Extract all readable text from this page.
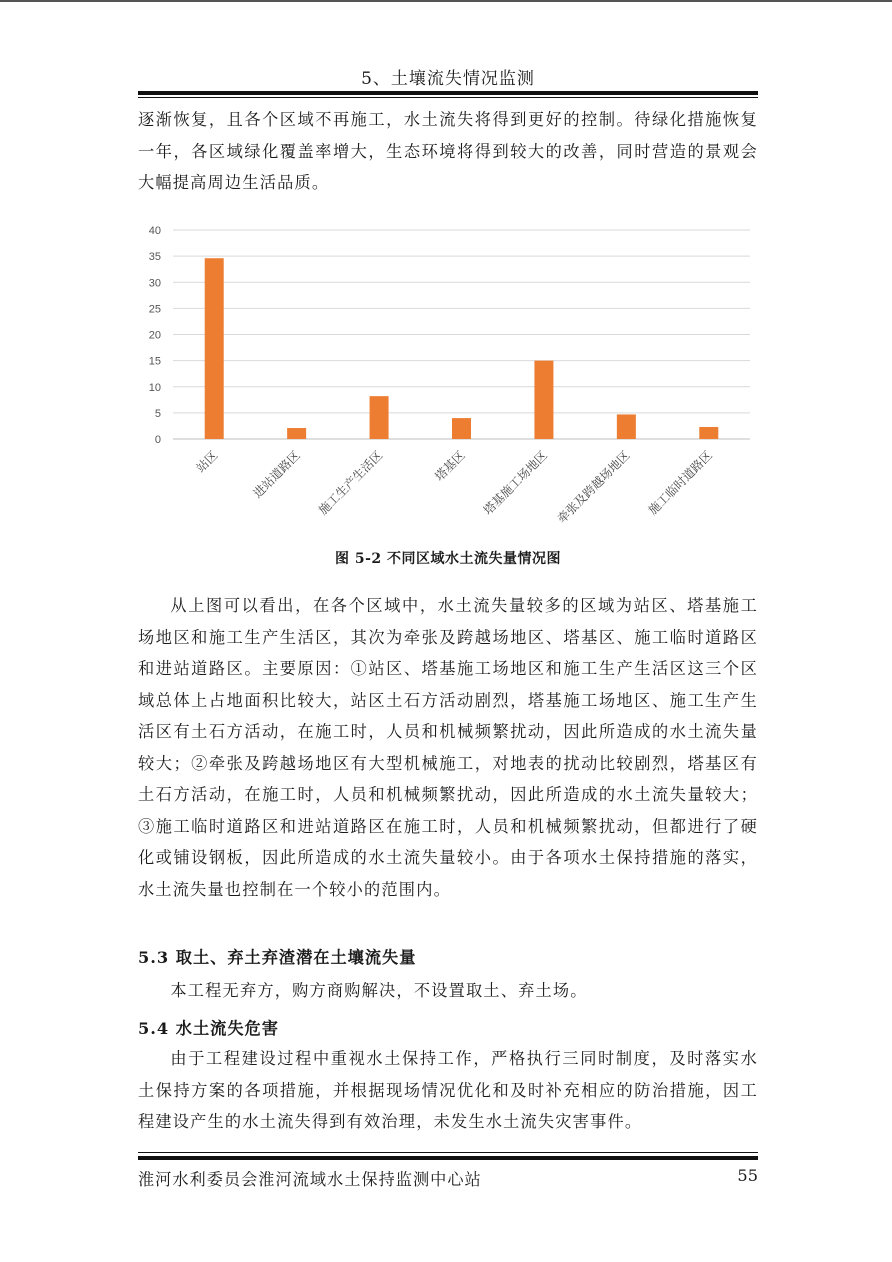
5、土壤流失情况监测

逐渐恢复，且各个区域不再施工，水土流失将得到更好的控制。待绿化措施恢复一年，各区域绿化覆盖率增大，生态环境将得到较大的改善，同时营造的景观会大幅提高周边生活品质。

0
5
10
15
20
25
30
35
40
站区	进站道路区 施工生产生活区	塔基区 塔基施工场地区 牵张及跨越场地区 施工临时道路区
图 5-2 不同区域水土流失量情况图

从上图可以看出，在各个区域中，水土流失量较多的区域为站区、塔基施工场地区和施工生产生活区，其次为牵张及跨越场地区、塔基区、施工临时道路区和进站道路区。主要原因：①站区、塔基施工场地区和施工生产生活区这三个区域总体上占地面积比较大，站区土石方活动剧烈，塔基施工场地区、施工生产生活区有土石方活动，在施工时，人员和机械频繁扰动，因此所造成的水土流失量较大；②牵张及跨越场地区有大型机械施工，对地表的扰动比较剧烈，塔基区有土石方活动，在施工时，人员和机械频繁扰动，因此所造成的水土流失量较大；③施工临时道路区和进站道路区在施工时，人员和机械频繁扰动，但都进行了硬化或铺设钢板，因此所造成的水土流失量较小。由于各项水土保持措施的落实，水土流失量也控制在一个较小的范围内。

5.3 取土、弃土弃渣潜在土壤流失量

本工程无弃方，购方商购解决，不设置取土、弃土场。

5.4 水土流失危害

由于工程建设过程中重视水土保持工作，严格执行三同时制度，及时落实水土保持方案的各项措施，并根据现场情况优化和及时补充相应的防治措施，因工程建设产生的水土流失得到有效治理，未发生水土流失灾害事件。

淮河水利委员会淮河流域水土保持监测中心站	55
